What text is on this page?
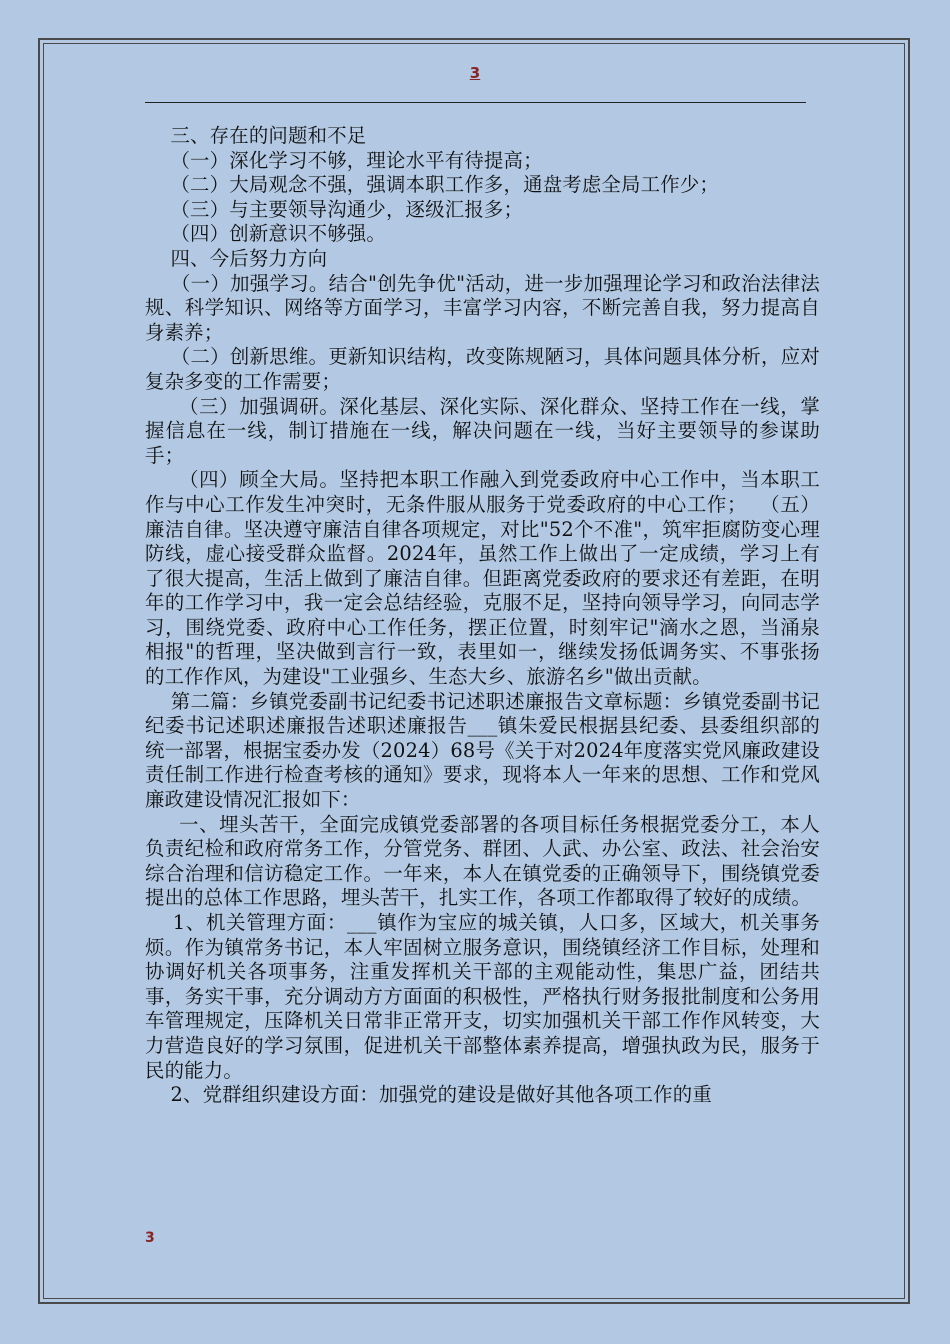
3

三、存在的问题和不足

（一）深化学习不够，理论水平有待提高；

（二）大局观念不强，强调本职工作多，通盘考虑全局工作少；

（三）与主要领导沟通少，逐级汇报多；

（四）创新意识不够强。

四、今后努力方向

（一）加强学习。结合"创先争优"活动，进一步加强理论学习和政治法律法规、科学知识、网络等方面学习，丰富学习内容，不断完善自我，努力提高自身素养；

（二）创新思维。更新知识结构，改变陈规陋习，具体问题具体分析，应对复杂多变的工作需要；

（三）加强调研。深化基层、深化实际、深化群众、坚持工作在一线，掌握信息在一线，制订措施在一线，解决问题在一线，当好主要领导的参谋助手；

（四）顾全大局。坚持把本职工作融入到党委政府中心工作中，当本职工作与中心工作发生冲突时，无条件服从服务于党委政府的中心工作；  （五）廉洁自律。坚决遵守廉洁自律各项规定，对比"52个不准"，筑牢拒腐防变心理防线，虚心接受群众监督。2024年，虽然工作上做出了一定成绩，学习上有了很大提高，生活上做到了廉洁自律。但距离党委政府的要求还有差距，在明年的工作学习中，我一定会总结经验，克服不足，坚持向领导学习，向同志学习，围绕党委、政府中心工作任务，摆正位置，时刻牢记"滴水之恩，当涌泉相报"的哲理，坚决做到言行一致，表里如一，继续发扬低调务实、不事张扬的工作作风，为建设"工业强乡、生态大乡、旅游名乡"做出贡献。

第二篇：乡镇党委副书记纪委书记述职述廉报告文章标题：乡镇党委副书记纪委书记述职述廉报告述职述廉报告___镇朱爱民根据县纪委、县委组织部的统一部署，根据宝委办发（2024）68号《关于对2024年度落实党风廉政建设责任制工作进行检查考核的通知》要求，现将本人一年来的思想、工作和党风廉政建设情况汇报如下：

一、埋头苦干，全面完成镇党委部署的各项目标任务根据党委分工，本人负责纪检和政府常务工作，分管党务、群团、人武、办公室、政法、社会治安综合治理和信访稳定工作。一年来，本人在镇党委的正确领导下，围绕镇党委提出的总体工作思路，埋头苦干，扎实工作，各项工作都取得了较好的成绩。

1、机关管理方面：___镇作为宝应的城关镇，人口多，区域大，机关事务烦。作为镇常务书记，本人牢固树立服务意识，围绕镇经济工作目标，处理和协调好机关各项事务，注重发挥机关干部的主观能动性，集思广益，团结共事，务实干事，充分调动方方面面的积极性，严格执行财务报批制度和公务用车管理规定，压降机关日常非正常开支，切实加强机关干部工作作风转变，大力营造良好的学习氛围，促进机关干部整体素养提高，增强执政为民，服务于民的能力。

2、党群组织建设方面：加强党的建设是做好其他各项工作的重

3
